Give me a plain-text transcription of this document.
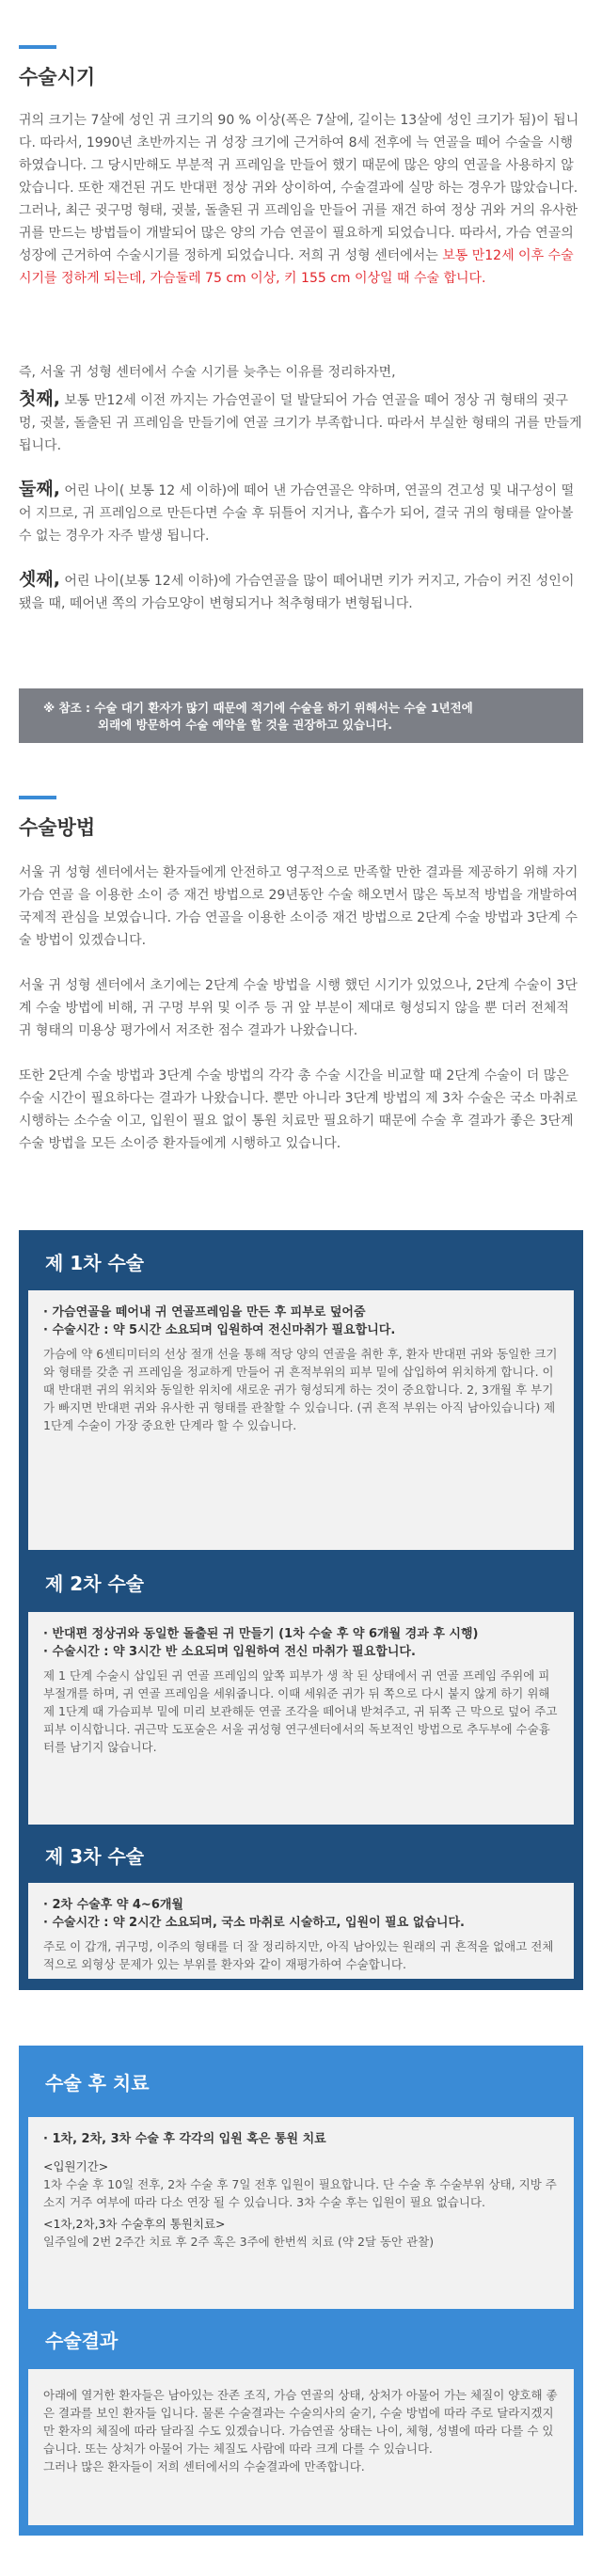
수술시기

귀의 크기는 7살에 성인 귀 크기의 90 % 이상(폭은 7살에, 길이는 13살에 성인 크기가 됨)이 됩니다. 따라서, 1990년 초반까지는 귀 성장 크기에 근거하여 8세 전후에 늑 연골을 떼어 수술을 시행 하였습니다. 그 당시만해도 부분적 귀 프레임을 만들어 했기 때문에 많은 양의 연골을 사용하지 않았습니다. 또한 재건된 귀도 반대편 정상 귀와 상이하여, 수술결과에 실망 하는 경우가 많았습니다. 그러나, 최근 귓구멍 형태, 귓불, 돌출된 귀 프레임을 만들어 귀를 재건 하여 정상 귀와 거의 유사한 귀를 만드는 방법들이 개발되어 많은 양의 가슴 연골이 필요하게 되었습니다. 따라서, 가슴 연골의 성장에 근거하여 수술시기를 정하게 되었습니다. 저희 귀 성형 센터에서는 보통 만12세 이후 수술 시기를 정하게 되는데, 가슴둘레 75 cm 이상, 키 155 cm 이상일 때 수술 합니다.

즉, 서울 귀 성형 센터에서 수술 시기를 늦추는 이유를 정리하자면,

첫째, 보통 만12세 이전 까지는 가슴연골이 덜 발달되어 가슴 연골을 떼어 정상 귀 형태의 귓구멍, 귓불, 돌출된 귀 프레임을 만들기에 연골 크기가 부족합니다. 따라서 부실한 형태의 귀를 만들게 됩니다.

둘째, 어린 나이( 보통 12 세 이하)에 떼어 낸 가슴연골은 약하며, 연골의 견고성 및 내구성이 떨어 지므로, 귀 프레임으로 만든다면 수술 후 뒤틀어 지거나, 흡수가 되어, 결국 귀의 형태를 알아볼 수 없는 경우가 자주 발생 됩니다.

셋째, 어린 나이(보통 12세 이하)에 가슴연골을 많이 떼어내면 키가 커지고, 가슴이 커진 성인이 됐을 때, 떼어낸 쪽의 가슴모양이 변형되거나 척추형태가 변형됩니다.

※ 참조 : 수술 대기 환자가 많기 때문에 적기에 수술을 하기 위해서는 수술 1년전에
외래에 방문하여 수술 예약을 할 것을 권장하고 있습니다.
수술방법

서울 귀 성형 센터에서는 환자들에게 안전하고 영구적으로 만족할 만한 결과를 제공하기 위해 자기 가슴 연골 을 이용한 소이 증 재건 방법으로 29년동안 수술 해오면서 많은 독보적 방법을 개발하여 국제적 관심을 보였습니다. 가슴 연골을 이용한 소이증 재건 방법으로 2단계 수술 방법과 3단계 수술 방법이 있겠습니다.

서울 귀 성형 센터에서 초기에는 2단계 수술 방법을 시행 했던 시기가 있었으나, 2단계 수술이 3단계 수술 방법에 비해, 귀 구멍 부위 및 이주 등 귀 앞 부분이 제대로 형성되지 않을 뿐 더러 전체적 귀 형태의 미용상 평가에서 저조한 점수 결과가 나왔습니다.

또한 2단계 수술 방법과 3단계 수술 방법의 각각 총 수술 시간을 비교할 때 2단계 수술이 더 많은 수술 시간이 필요하다는 결과가 나왔습니다. 뿐만 아니라 3단계 방법의 제 3차 수술은 국소 마취로 시행하는 소수술 이고, 입원이 필요 없이 통원 치료만 필요하기 때문에 수술 후 결과가 좋은 3단계 수술 방법을 모든 소이증 환자들에게 시행하고 있습니다.

제 1차 수술

· 가슴연골을 떼어내 귀 연골프레임을 만든 후 피부로 덮어줌

· 수술시간 : 약 5시간 소요되며 입원하여 전신마취가 필요합니다.

가슴에 약 6센티미터의 선상 절개 선을 통해 적당 양의 연골을 취한 후, 환자 반대편 귀와 동일한 크기와 형태를 갖춘 귀 프레임을 정교하게 만들어 귀 흔적부위의 피부 밑에 삽입하여 위치하게 합니다. 이때 반대편 귀의 위치와 동일한 위치에 새로운 귀가 형성되게 하는 것이 중요합니다. 2, 3개월 후 부기가 빠지면 반대편 귀와 유사한 귀 형태를 관찰할 수 있습니다. (귀 흔적 부위는 아직 남아있습니다) 제 1단계 수술이 가장 중요한 단계라 할 수 있습니다.

제 2차 수술

· 반대편 정상귀와 동일한 돌출된 귀 만들기 (1차 수술 후 약 6개월 경과 후 시행)

· 수술시간 : 약 3시간 반 소요되며 입원하여 전신 마취가 필요합니다.

제 1 단계 수술시 삽입된 귀 연골 프레임의 앞쪽 피부가 생 착 된 상태에서 귀 연골 프레임 주위에 피부절개를 하며, 귀 연골 프레임을 세워줍니다. 이때 세워준 귀가 뒤 쪽으로 다시 붙지 않게 하기 위해 제 1단계 때 가슴피부 밑에 미리 보관해둔 연골 조각을 떼어내 받쳐주고, 귀 뒤쪽 근 막으로 덮어 주고 피부 이식합니다. 귀근막 도포술은 서울 귀성형 연구센터에서의 독보적인 방법으로 추두부에 수술흉터를 남기지 않습니다.

제 3차 수술

· 2차 수술후 약 4~6개월

· 수술시간 : 약 2시간 소요되며, 국소 마취로 시술하고, 입원이 필요 없습니다.

주로 이 갑개, 귀구멍, 이주의 형태를 더 잘 정리하지만, 아직 남아있는 원래의 귀 흔적을 없애고 전체적으로 외형상 문제가 있는 부위를 환자와 같이 재평가하여 수술합니다.

수술 후 치료

· 1차, 2차, 3차 수술 후 각각의 입원 혹은 통원 치료

<입원기간>

1차 수술 후 10일 전후, 2차 수술 후 7일 전후 입원이 필요합니다. 단 수술 후 수술부위 상태, 지방 주소지 거주 여부에 따라 다소 연장 될 수 있습니다. 3차 수술 후는 입원이 필요 없습니다.

<1차,2차,3차 수술후의 통원치료>

일주일에 2번 2주간 치료 후 2주 혹은 3주에 한번씩 치료 (약 2달 동안 관찰)

수술결과

아래에 열거한 환자들은 남아있는 잔존 조직, 가슴 연골의 상태, 상처가 아물어 가는 체질이 양호해 좋은 결과를 보인 환자들 입니다. 물론 수술결과는 수술의사의 술기, 수술 방법에 따라 주로 달라지겠지만 환자의 체질에 따라 달라질 수도 있겠습니다. 가슴연골 상태는 나이, 체형, 성별에 따라 다를 수 있습니다. 또는 상처가 아물어 가는 체질도 사람에 따라 크게 다를 수 있습니다.

그러나 많은 환자들이 저희 센터에서의 수술결과에 만족합니다.
